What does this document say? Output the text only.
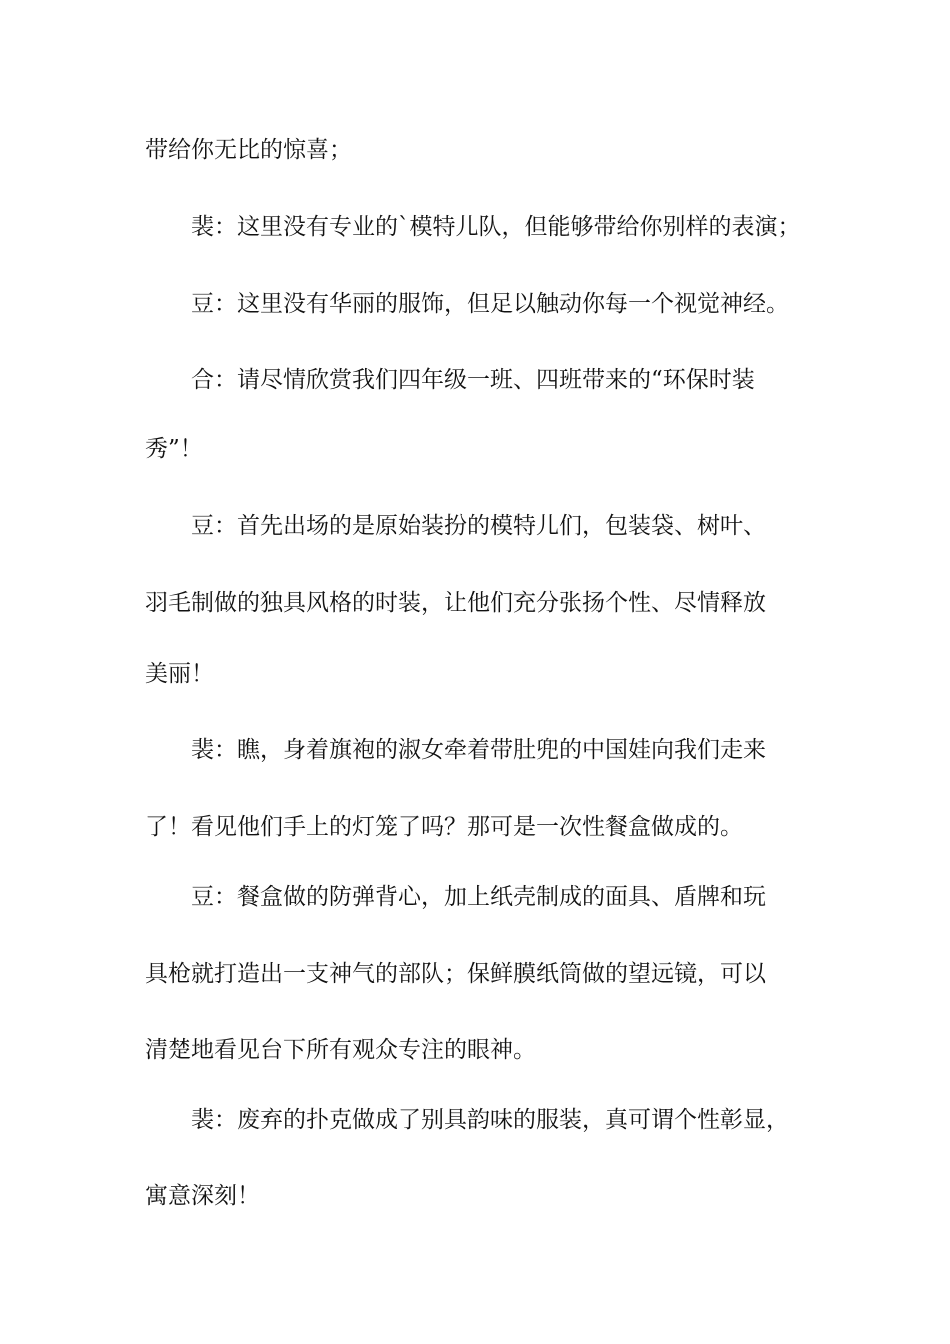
带给你无比的惊喜；

裴：这里没有专业的`模特儿队，但能够带给你别样的表演；

豆：这里没有华丽的服饰，但足以触动你每一个视觉神经。

合：请尽情欣赏我们四年级一班、四班带来的“环保时装

秀”！

豆：首先出场的是原始装扮的模特儿们，包装袋、树叶、

羽毛制做的独具风格的时装，让他们充分张扬个性、尽情释放

美丽！

裴：瞧，身着旗袍的淑女牵着带肚兜的中国娃向我们走来

了！看见他们手上的灯笼了吗？那可是一次性餐盒做成的。

豆：餐盒做的防弹背心，加上纸壳制成的面具、盾牌和玩

具枪就打造出一支神气的部队；保鲜膜纸筒做的望远镜，可以

清楚地看见台下所有观众专注的眼神。

裴：废弃的扑克做成了别具韵味的服装，真可谓个性彰显，

寓意深刻！
